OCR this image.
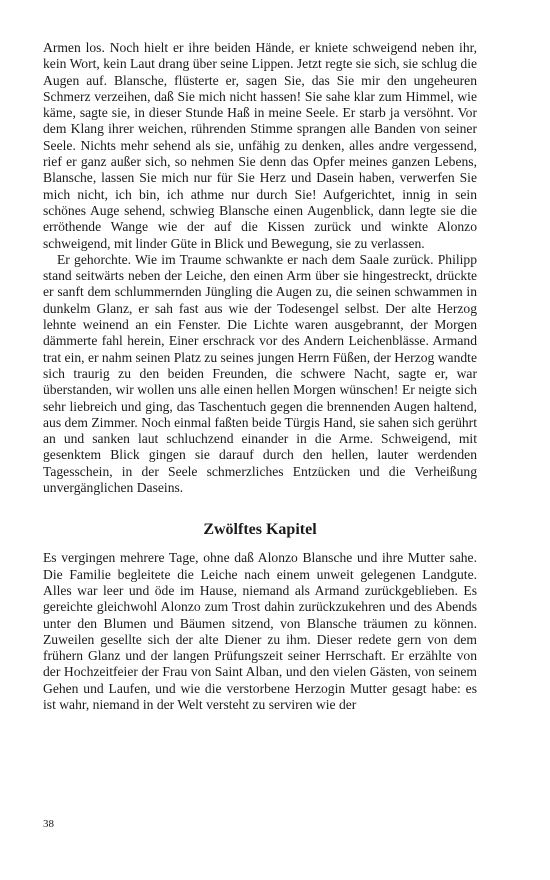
Armen los. Noch hielt er ihre beiden Hände, er kniete schweigend neben ihr, kein Wort, kein Laut drang über seine Lippen. Jetzt regte sie sich, sie schlug die Augen auf. Blansche, flüsterte er, sagen Sie, das Sie mir den ungeheuren Schmerz verzeihen, daß Sie mich nicht hassen! Sie sahe klar zum Himmel, wie käme, sagte sie, in dieser Stunde Haß in meine Seele. Er starb ja versöhnt. Vor dem Klang ihrer weichen, rührenden Stimme sprangen alle Banden von seiner Seele. Nichts mehr sehend als sie, unfähig zu denken, alles andre vergessend, rief er ganz außer sich, so nehmen Sie denn das Opfer meines ganzen Lebens, Blansche, lassen Sie mich nur für Sie Herz und Dasein haben, verwerfen Sie mich nicht, ich bin, ich athme nur durch Sie! Aufgerichtet, innig in sein schönes Auge sehend, schwieg Blansche einen Augenblick, dann legte sie die erröthende Wange wie der auf die Kissen zurück und winkte Alonzo schweigend, mit linder Güte in Blick und Bewegung, sie zu verlassen.

Er gehorchte. Wie im Traume schwankte er nach dem Saale zurück. Philipp stand seitwärts neben der Leiche, den einen Arm über sie hingestreckt, drückte er sanft dem schlummernden Jüngling die Augen zu, die seinen schwammen in dunkelm Glanz, er sah fast aus wie der Todesengel selbst. Der alte Herzog lehnte weinend an ein Fenster. Die Lichte waren ausgebrannt, der Morgen dämmerte fahl herein, Einer erschrack vor des Andern Leichenblässe. Armand trat ein, er nahm seinen Platz zu seines jungen Herrn Füßen, der Herzog wandte sich traurig zu den beiden Freunden, die schwere Nacht, sagte er, war überstanden, wir wollen uns alle einen hellen Morgen wünschen! Er neigte sich sehr liebreich und ging, das Taschentuch gegen die brennenden Augen haltend, aus dem Zimmer. Noch einmal faßten beide Türgis Hand, sie sahen sich gerührt an und sanken laut schluchzend einander in die Arme. Schweigend, mit gesenktem Blick gingen sie darauf durch den hellen, lauter werdenden Tagesschein, in der Seele schmerzliches Entzücken und die Verheißung unvergänglichen Daseins.

Zwölftes Kapitel

Es vergingen mehrere Tage, ohne daß Alonzo Blansche und ihre Mutter sahe. Die Familie begleitete die Leiche nach einem unweit gelegenen Landgute. Alles war leer und öde im Hause, niemand als Armand zurückgeblieben. Es gereichte gleichwohl Alonzo zum Trost dahin zurückzukehren und des Abends unter den Blumen und Bäumen sitzend, von Blansche träumen zu können. Zuweilen gesellte sich der alte Diener zu ihm. Dieser redete gern von dem frühern Glanz und der langen Prüfungszeit seiner Herrschaft. Er erzählte von der Hochzeitfeier der Frau von Saint Alban, und den vielen Gästen, von seinem Gehen und Laufen, und wie die verstorbene Herzogin Mutter gesagt habe: es ist wahr, niemand in der Welt versteht zu serviren wie der

38
